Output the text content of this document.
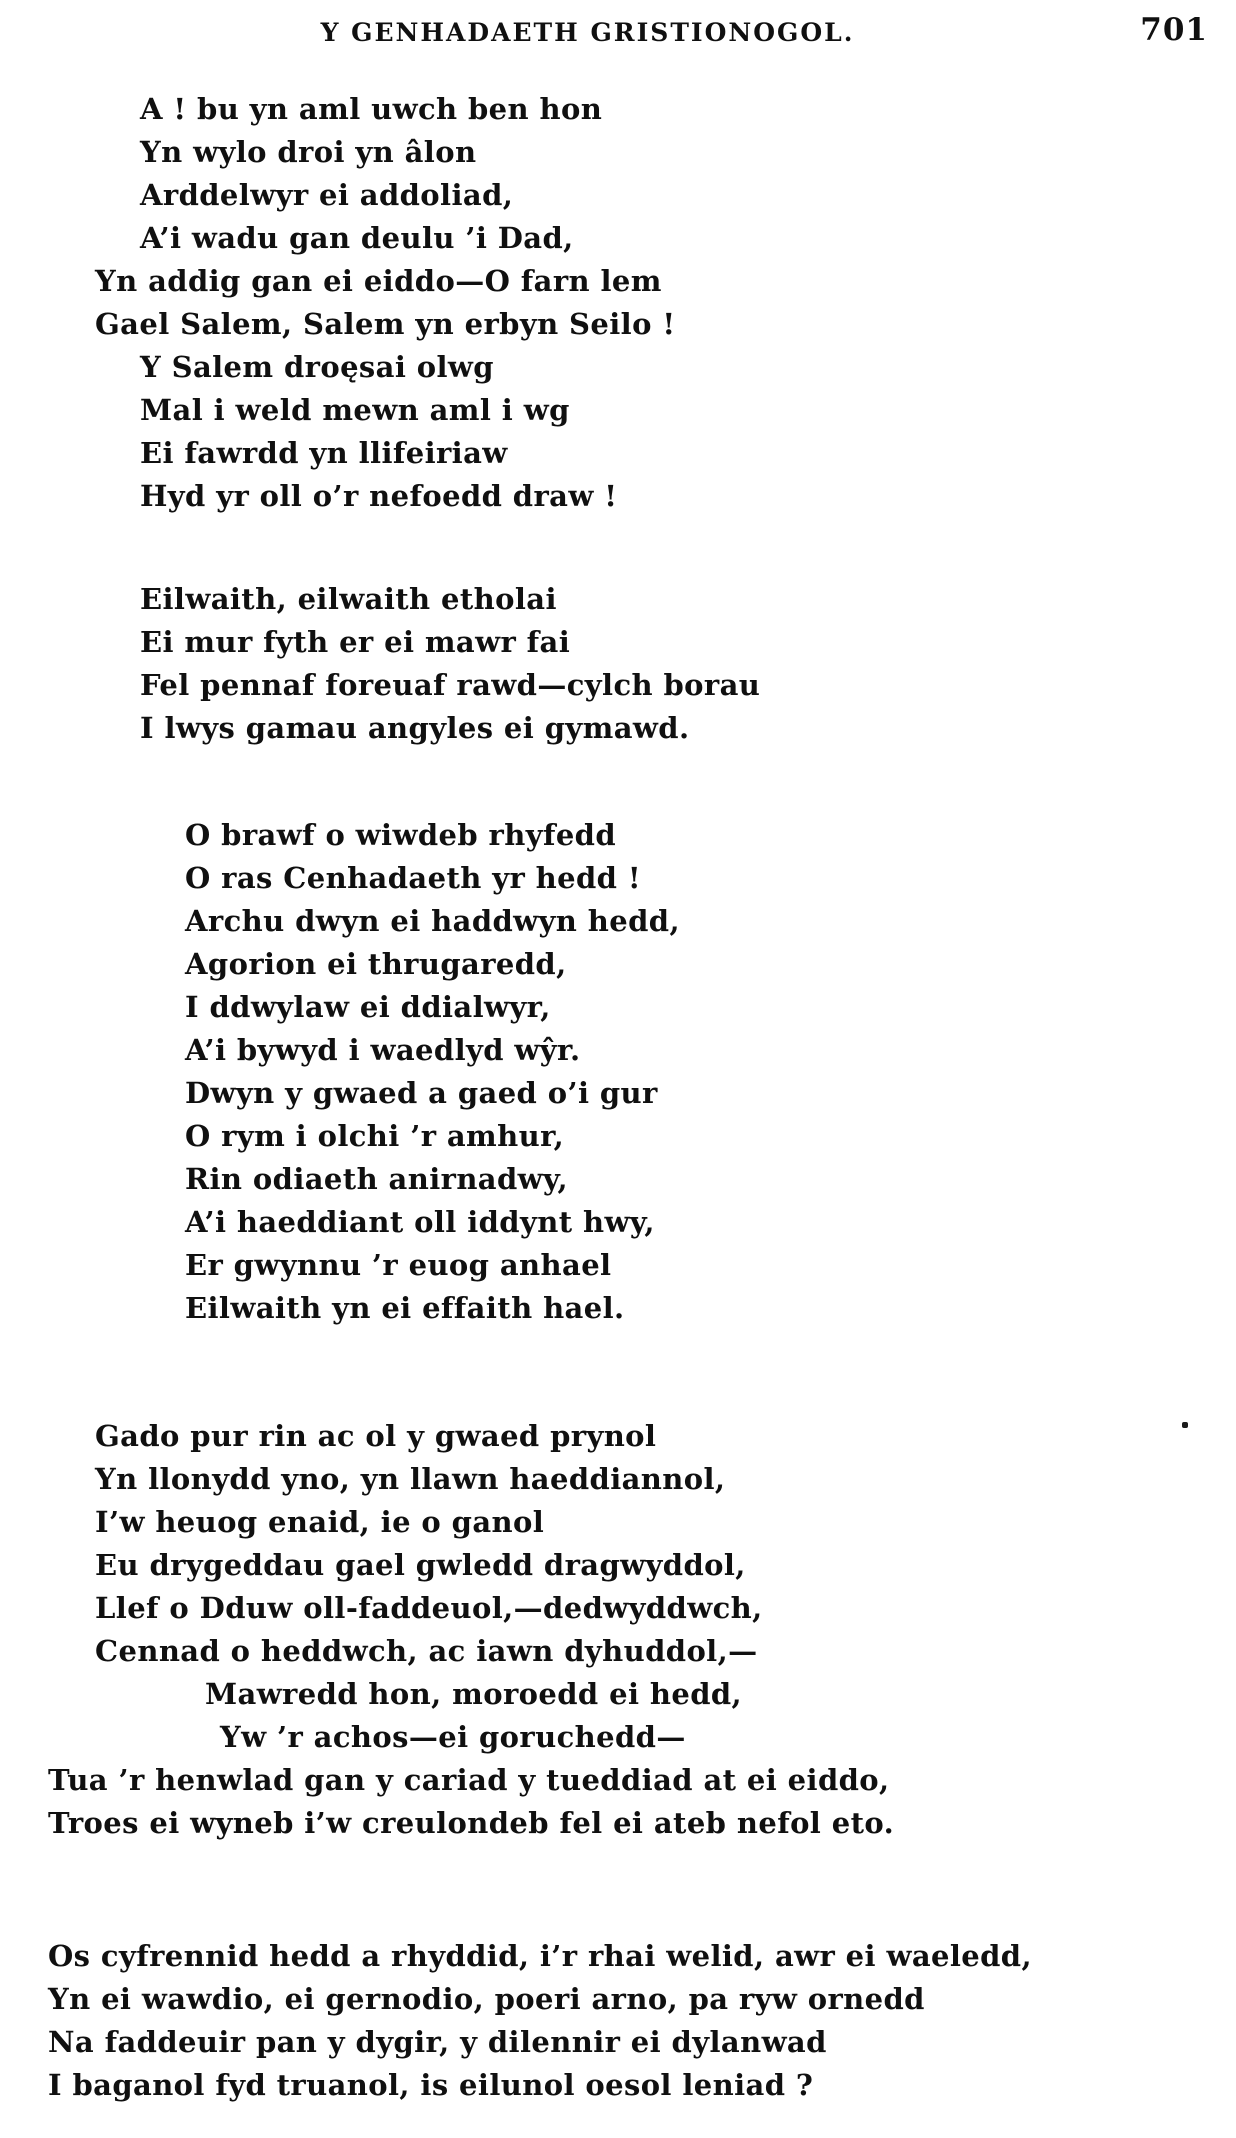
Y GENHADAETH GRISTIONOGOL.	701
A ! bu yn aml uwch ben hon
Yn wylo droi yn âlon
Arddelwyr ei addoliad,
A’i wadu gan deulu ’i Dad,
Yn addig gan ei eiddo—O farn lem
Gael Salem, Salem yn erbyn Seilo !
Y Salem droęsai olwg
Mal i weld mewn aml i wg
Ei fawrdd yn llifeiriaw
Hyd yr oll o’r nefoedd draw !
Eilwaith, eilwaith etholai
Ei mur fyth er ei mawr fai
Fel pennaf foreuaf rawd—cylch borau
I lwys gamau angyles ei gymawd.
O brawf o wiwdeb rhyfedd
O ras Cenhadaeth yr hedd !
Archu dwyn ei haddwyn hedd,
Agorion ei thrugaredd,
I ddwylaw ei ddialwyr,
A’i bywyd i waedlyd wŷr.
Dwyn y gwaed a gaed o’i gur
O rym i olchi ’r amhur,
Rin odiaeth anirnadwy,
A’i haeddiant oll iddynt hwy,
Er gwynnu ’r euog anhael
Eilwaith yn ei effaith hael.
Gado pur rin ac ol y gwaed prynol
Yn llonydd yno, yn llawn haeddiannol,
I’w heuog enaid, ie o ganol
Eu drygeddau gael gwledd dragwyddol,
Llef o Dduw oll-faddeuol,—dedwyddwch,
Cennad o heddwch, ac iawn dyhuddol,—
Mawredd hon, moroedd ei hedd,
Yw ’r achos—ei goruchedd—
Tua ’r henwlad gan y cariad y tueddiad at ei eiddo,
Troes ei wyneb i’w creulondeb fel ei ateb nefol eto.
Os cyfrennid hedd a rhyddid, i’r rhai welid, awr ei waeledd,
Yn ei wawdio, ei gernodio, poeri arno, pa ryw ornedd
Na faddeuir pan y dygir, y dilennir ei dylanwad
I baganol fyd truanol, is eilunol oesol leniad ?
